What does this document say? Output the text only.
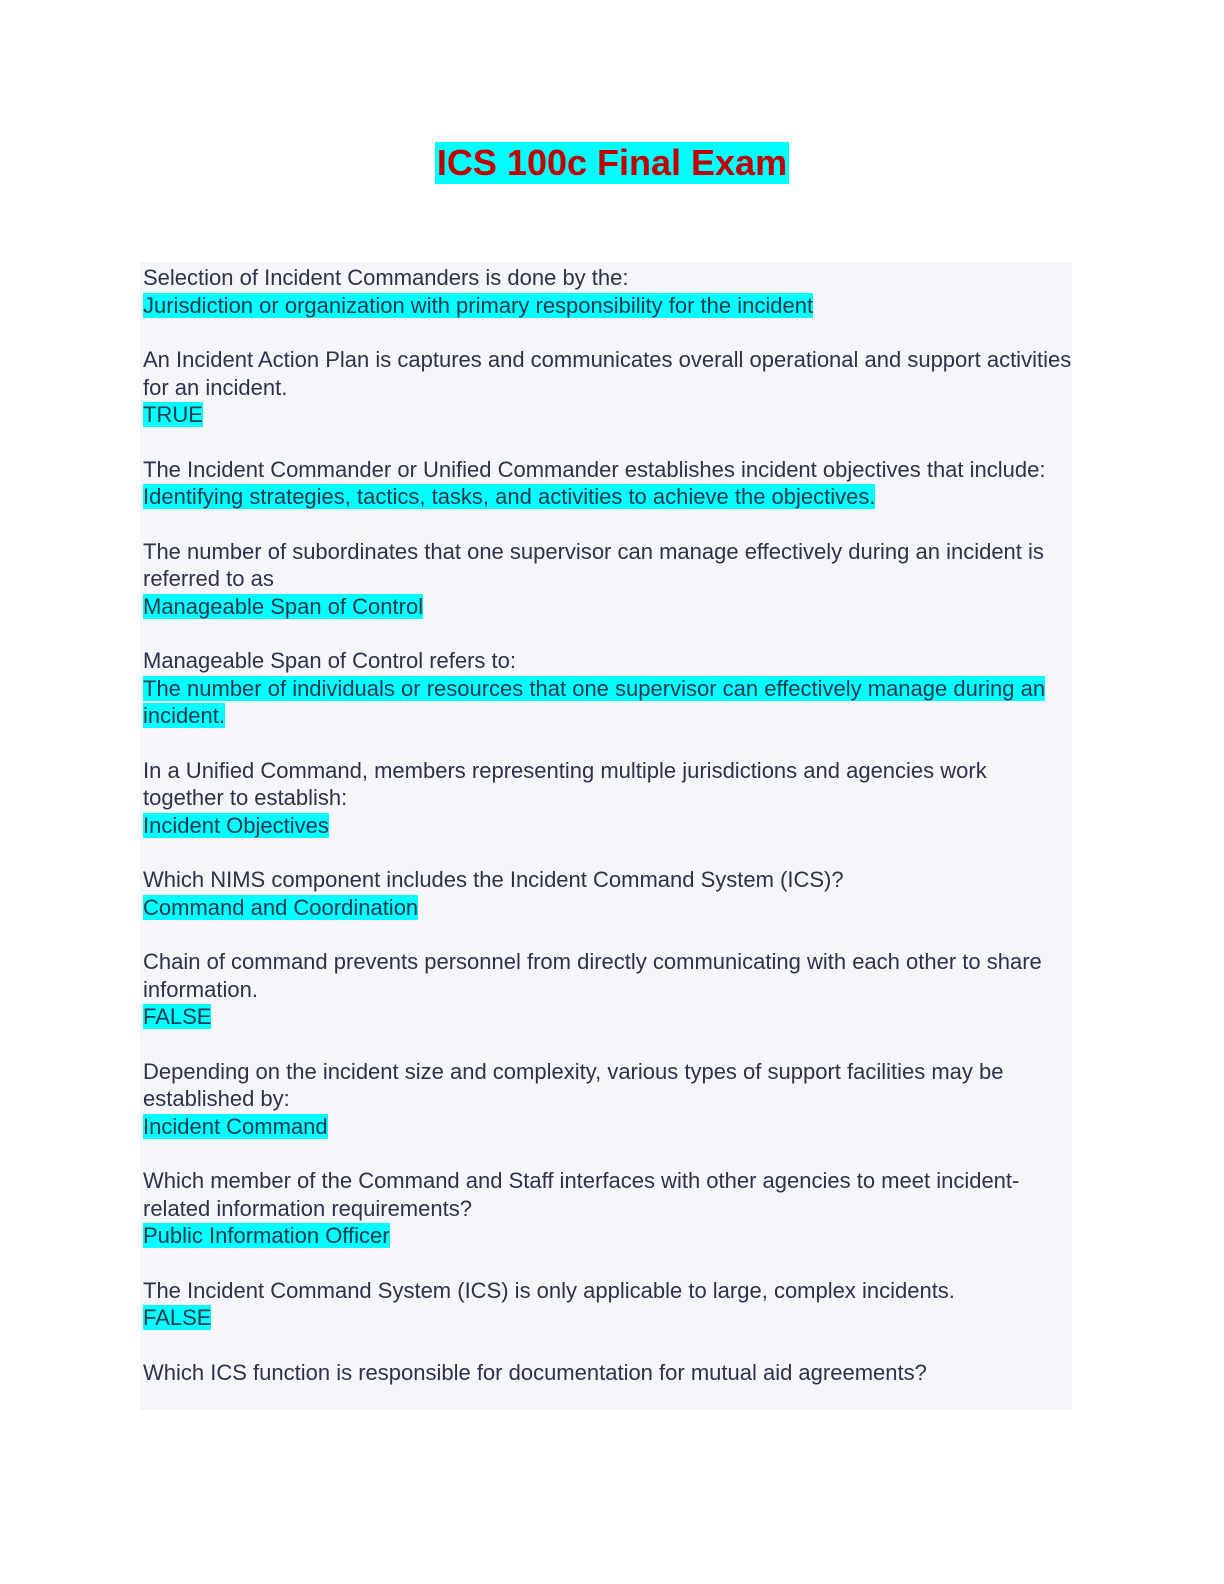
ICS 100c Final Exam
Selection of Incident Commanders is done by the:
Jurisdiction or organization with primary responsibility for the incident
An Incident Action Plan is captures and communicates overall operational and support activities for an incident.
TRUE
The Incident Commander or Unified Commander establishes incident objectives that include:
Identifying strategies, tactics, tasks, and activities to achieve the objectives.
The number of subordinates that one supervisor can manage effectively during an incident is referred to as
Manageable Span of Control
Manageable Span of Control refers to:
The number of individuals or resources that one supervisor can effectively manage during an incident.
In a Unified Command, members representing multiple jurisdictions and agencies work together to establish:
Incident Objectives
Which NIMS component includes the Incident Command System (ICS)?
Command and Coordination
Chain of command prevents personnel from directly communicating with each other to share information.
FALSE
Depending on the incident size and complexity, various types of support facilities may be established by:
Incident Command
Which member of the Command and Staff interfaces with other agencies to meet incident-related information requirements?
Public Information Officer
The Incident Command System (ICS) is only applicable to large, complex incidents.
FALSE
Which ICS function is responsible for documentation for mutual aid agreements?
